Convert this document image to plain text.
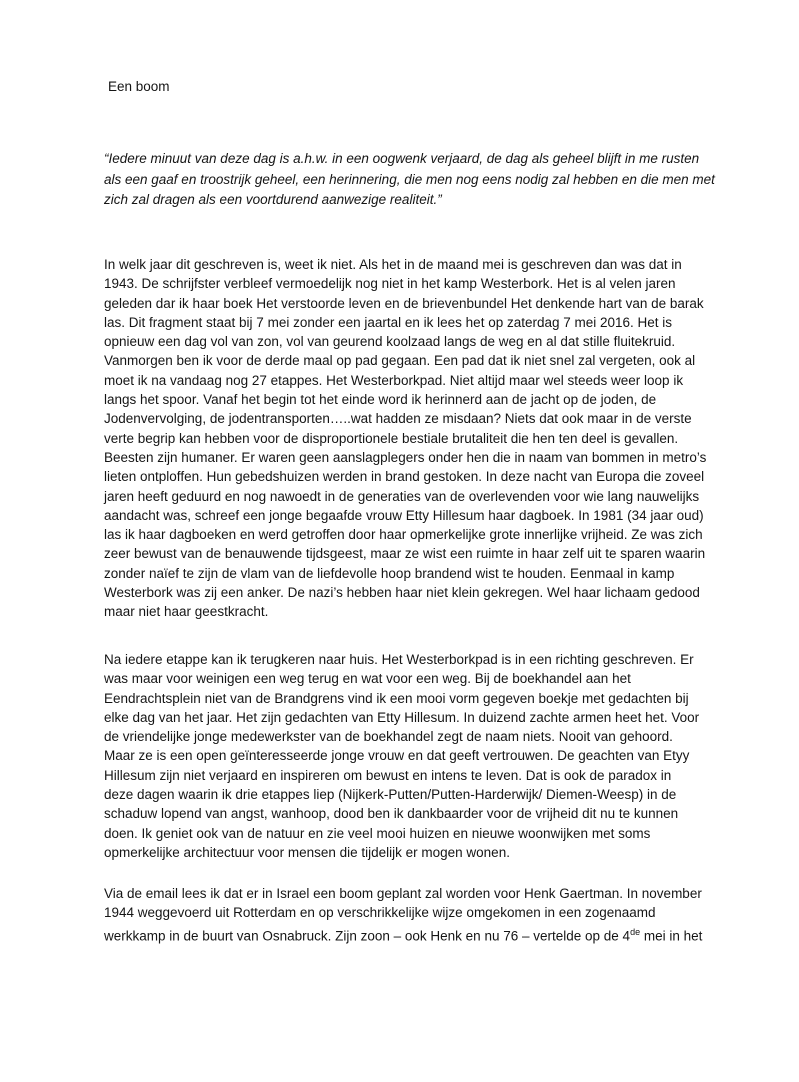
Een boom
“Iedere minuut van deze dag is a.h.w. in een oogwenk verjaard, de dag als geheel blijft in me rusten
als een gaaf en troostrijk geheel, een herinnering, die men nog eens nodig zal hebben en die men met
zich zal dragen als een voortdurend aanwezige realiteit.”
In welk jaar dit geschreven is, weet ik niet. Als het in de maand mei is geschreven dan was dat in
1943. De schrijfster verbleef vermoedelijk nog niet in het kamp Westerbork. Het is al velen jaren
geleden dar ik haar boek Het verstoorde leven en de brievenbundel Het denkende hart van de barak
las. Dit fragment staat bij 7 mei zonder een jaartal en ik lees het op zaterdag 7 mei 2016. Het is
opnieuw een dag vol van zon, vol van geurend koolzaad langs de weg en al dat stille fluitekruid.
Vanmorgen ben ik voor de derde maal op pad gegaan. Een pad dat ik niet snel zal vergeten, ook al
moet ik na vandaag nog 27 etappes. Het Westerborkpad. Niet altijd maar wel steeds weer loop ik
langs het spoor. Vanaf het begin tot het einde word ik herinnerd aan de jacht op de joden, de
Jodenvervolging, de jodentransporten…..wat hadden ze misdaan? Niets dat ook maar in de verste
verte begrip kan hebben voor de disproportionele bestiale brutaliteit die hen ten deel is gevallen.
Beesten zijn humaner. Er waren geen aanslagplegers onder hen die in naam van bommen in metro’s
lieten ontploffen. Hun gebedshuizen werden in brand gestoken. In deze nacht van Europa die zoveel
jaren heeft geduurd en nog nawoedt in de generaties van de overlevenden voor wie lang nauwelijks
aandacht was, schreef een jonge begaafde vrouw Etty Hillesum haar dagboek. In 1981 (34 jaar oud)
las ik haar dagboeken en werd getroffen door haar opmerkelijke grote innerlijke vrijheid. Ze was zich
zeer bewust van de benauwende tijdsgeest, maar ze wist een ruimte in haar zelf uit te sparen waarin
zonder naïef te zijn de vlam van de liefdevolle hoop brandend wist te houden. Eenmaal in kamp
Westerbork was zij een anker. De nazi’s hebben haar niet klein gekregen. Wel haar lichaam gedood
maar niet haar geestkracht.
Na iedere etappe kan ik terugkeren naar huis. Het Westerborkpad is in een richting geschreven. Er
was maar voor weinigen een weg terug en wat voor een weg. Bij de boekhandel aan het
Eendrachtsplein niet van de Brandgrens vind ik een mooi vorm gegeven boekje met gedachten bij
elke dag van het jaar. Het zijn gedachten van Etty Hillesum. In duizend zachte armen heet het. Voor
de vriendelijke jonge medewerkster van de boekhandel zegt de naam niets. Nooit van gehoord.
Maar ze is een open geïnteresseerde jonge vrouw en dat geeft vertrouwen. De geachten van Etyy
Hillesum zijn niet verjaard en inspireren om bewust en intens te leven. Dat is ook de paradox in
deze dagen waarin ik drie etappes liep (Nijkerk-Putten/Putten-Harderwijk/ Diemen-Weesp) in de
schaduw lopend van angst, wanhoop, dood ben ik dankbaarder voor de vrijheid dit nu te kunnen
doen. Ik geniet ook van de natuur en zie veel mooi huizen en nieuwe woonwijken met soms
opmerkelijke architectuur voor mensen die tijdelijk er mogen wonen.
Via de email lees ik dat er in Israel een boom geplant zal worden voor Henk Gaertman. In november
1944 weggevoerd uit Rotterdam en op verschrikkelijke wijze omgekomen in een zogenaamd
werkkamp in de buurt van Osnabruck. Zijn zoon – ook Henk en nu 76 – vertelde op de 4de mei in het
